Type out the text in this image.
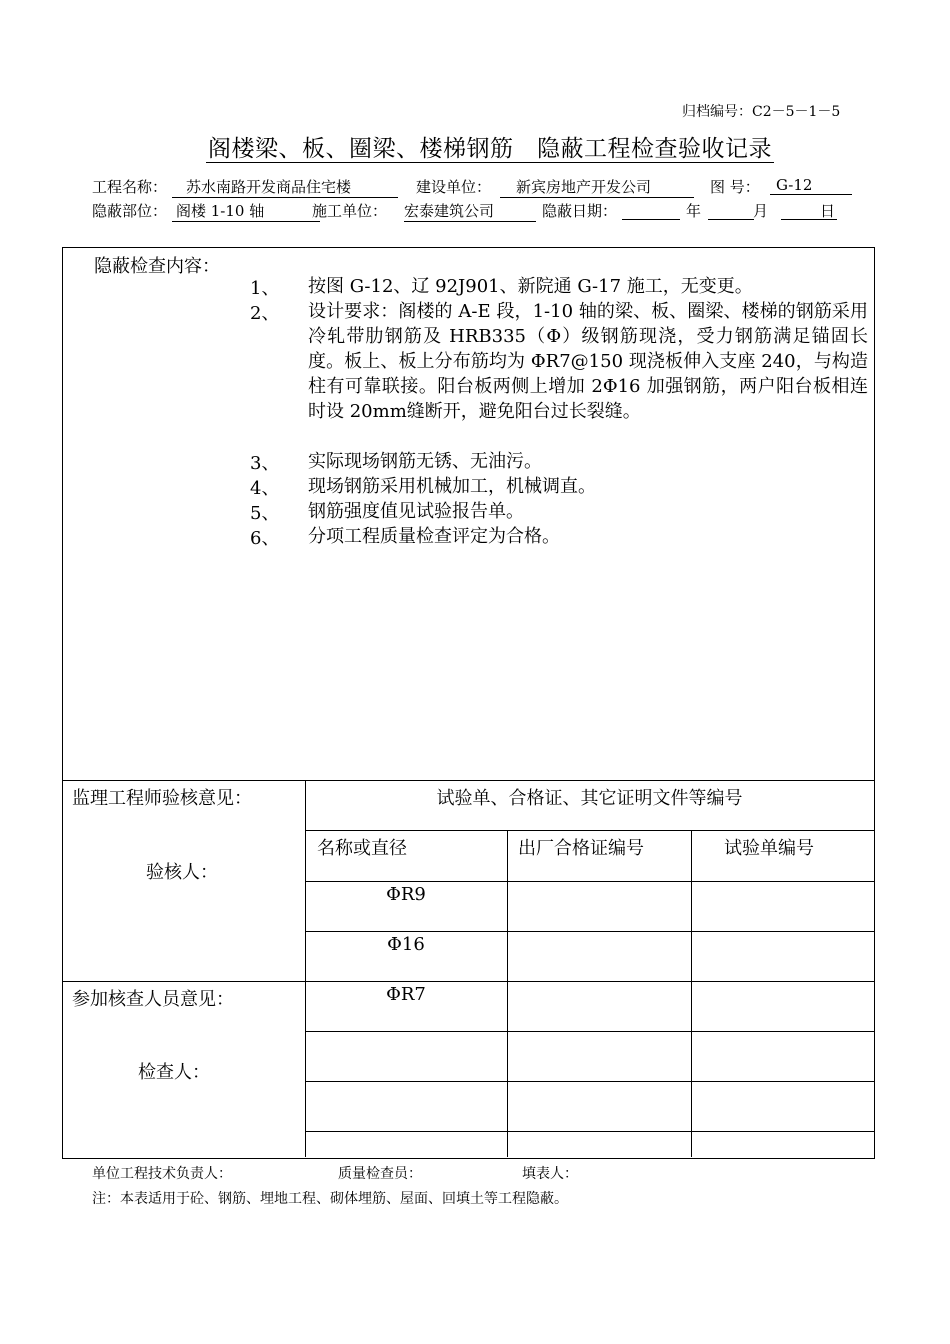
归档编号：C2－5－1－5
阁楼梁、板、圈梁、楼梯钢筋　隐蔽工程检查验收记录
工程名称：	苏水南路开发商品住宅楼	建设单位：	新宾房地产开发公司	图 号：	G-12
隐蔽部位： 阁楼 1-10 轴	施工单位： 宏泰建筑公司	隐蔽日期：	年	月	日
隐蔽检查内容：
1、 按图 G-12、辽 92J901、新院通 G-17 施工，无变更。
2、 设计要求：阁楼的 A-E 段，1-10 轴的梁、板、圈梁、楼梯的钢筋采用冷轧带肋钢筋及 HRB335（Φ）级钢筋现浇，受力钢筋满足锚固长度。板上、板上分布筋均为 ΦR7@150 现浇板伸入支座 240，与构造柱有可靠联接。阳台板两侧上增加 2Φ16 加强钢筋，两户阳台板相连时设 20mm缝断开，避免阳台过长裂缝。
3、 实际现场钢筋无锈、无油污。
4、 现场钢筋采用机械加工，机械调直。
5、 钢筋强度值见试验报告单。
6、 分项工程质量检查评定为合格。
监理工程师验核意见：
验核人：
参加核查人员意见：
检查人：
试验单、合格证、其它证明文件等编号
名称或直径	出厂合格证编号	试验单编号
ΦR9
Φ16
ΦR7
单位工程技术负责人：	质量检查员：	填表人：
注：本表适用于砼、钢筋、埋地工程、砌体埋筋、屋面、回填土等工程隐蔽。
